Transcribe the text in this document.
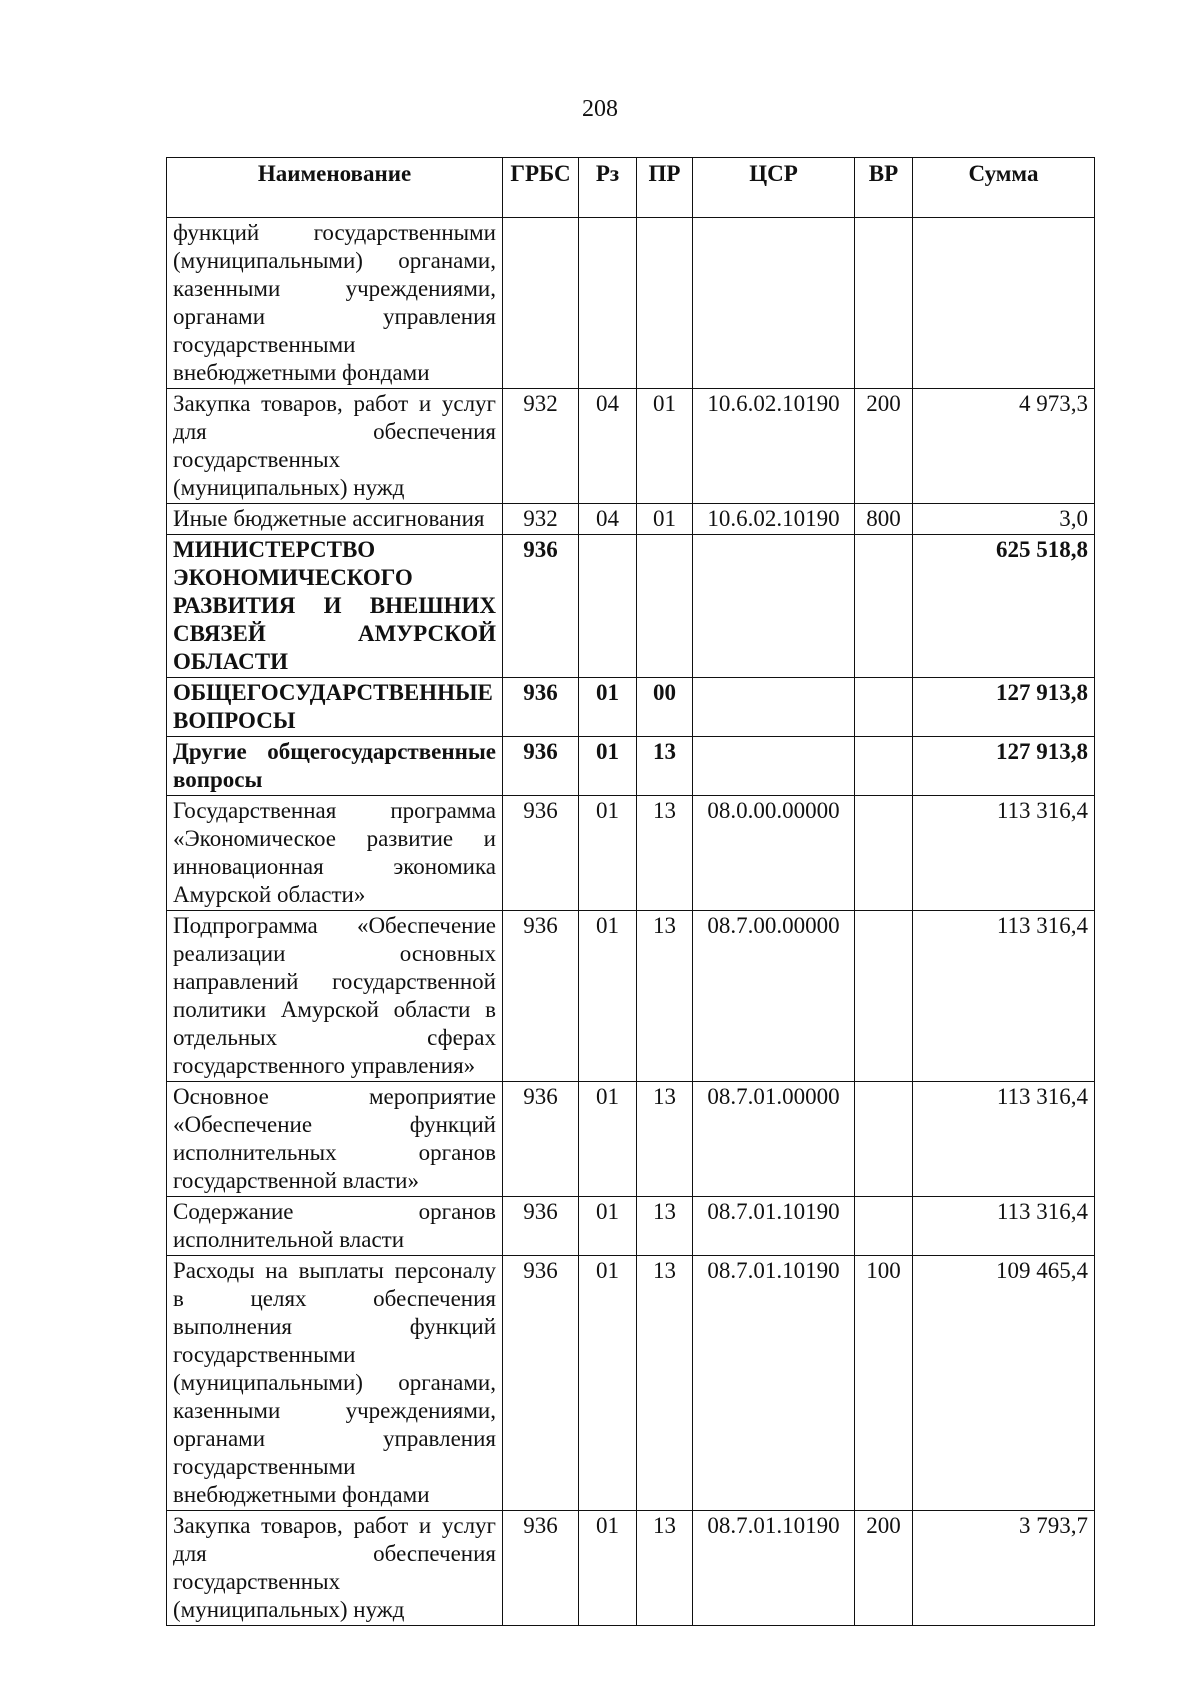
208
Наименование	ГРБС	Рз	ПР	ЦСР	ВР	Сумма
функций государственными (муниципальными) органами, казенными учреждениями, органами управления государственными внебюджетными фондами						
Закупка товаров, работ и услуг для обеспечения государственных (муниципальных) нужд	932	04	01	10.6.02.10190	200	4 973,3
Иные бюджетные ассигнования	932	04	01	10.6.02.10190	800	3,0
МИНИСТЕРСТВО ЭКОНОМИЧЕСКОГО РАЗВИТИЯ И ВНЕШНИХ СВЯЗЕЙ АМУРСКОЙ ОБЛАСТИ	936					625 518,8
ОБЩЕГОСУДАРСТВЕННЫЕ ВОПРОСЫ	936	01	00			127 913,8
Другие общегосударственные вопросы	936	01	13			127 913,8
Государственная программа «Экономическое развитие и инновационная экономика Амурской области»	936	01	13	08.0.00.00000		113 316,4
Подпрограмма «Обеспечение реализации основных направлений государственной политики Амурской области в отдельных сферах государственного управления»	936	01	13	08.7.00.00000		113 316,4
Основное мероприятие «Обеспечение функций исполнительных органов государственной власти»	936	01	13	08.7.01.00000		113 316,4
Содержание органов исполнительной власти	936	01	13	08.7.01.10190		113 316,4
Расходы на выплаты персоналу в целях обеспечения выполнения функций государственными (муниципальными) органами, казенными учреждениями, органами управления государственными внебюджетными фондами	936	01	13	08.7.01.10190	100	109 465,4
Закупка товаров, работ и услуг для обеспечения государственных (муниципальных) нужд	936	01	13	08.7.01.10190	200	3 793,7
